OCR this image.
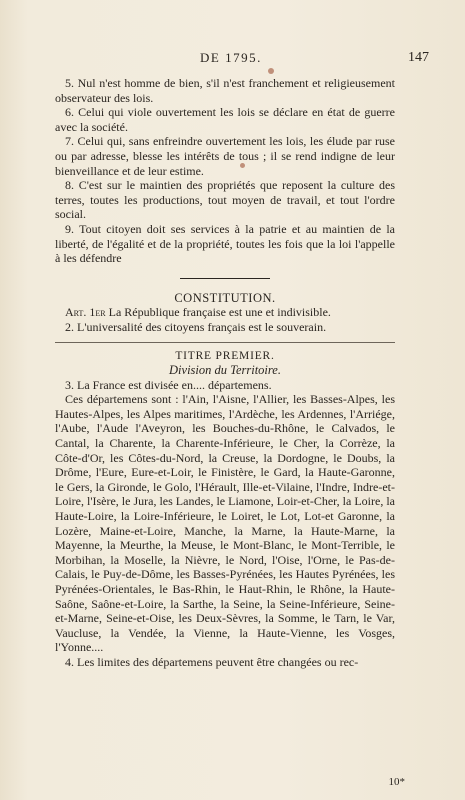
DE 1795.	147

5. Nul n'est homme de bien, s'il n'est franchement et religieusement observateur des lois.

6. Celui qui viole ouvertement les lois se déclare en état de guerre avec la société.

7. Celui qui, sans enfreindre ouvertement les lois, les élude par ruse ou par adresse, blesse les intérêts de tous ; il se rend indigne de leur bienveillance et de leur estime.

8. C'est sur le maintien des propriétés que reposent la culture des terres, toutes les productions, tout moyen de travail, et tout l'ordre social.

9. Tout citoyen doit ses services à la patrie et au maintien de la liberté, de l'égalité et de la propriété, toutes les fois que la loi l'appelle à les défendre

CONSTITUTION.

Art. 1er La République française est une et indivisible.

2. L'universalité des citoyens français est le souverain.

TITRE PREMIER.

Division du Territoire.

3. La France est divisée en.... départemens.

Ces départemens sont : l'Ain, l'Aisne, l'Allier, les Basses-Alpes, les Hautes-Alpes, les Alpes maritimes, l'Ardèche, les Ardennes, l'Arriége, l'Aube, l'Aude l'Aveyron, les Bouches-du-Rhône, le Calvados, le Cantal, la Charente, la Charente-Inférieure, le Cher, la Corrèze, la Côte-d'Or, les Côtes-du-Nord, la Creuse, la Dordogne, le Doubs, la Drôme, l'Eure, Eure-et-Loir, le Finistère, le Gard, la Haute-Garonne, le Gers, la Gironde, le Golo, l'Hérault, Ille-et-Vilaine, l'Indre, Indre-et-Loire, l'Isère, le Jura, les Landes, le Liamone, Loir-et-Cher, la Loire, la Haute-Loire, la Loire-Inférieure, le Loiret, le Lot, Lot-et Garonne, la Lozère, Maine-et-Loire, Manche, la Marne, la Haute-Marne, la Mayenne, la Meurthe, la Meuse, le Mont-Blanc, le Mont-Terrible, le Morbihan, la Moselle, la Nièvre, le Nord, l'Oise, l'Orne, le Pas-de-Calais, le Puy-de-Dôme, les Basses-Pyrénées, les Hautes Pyrénées, les Pyrénées-Orientales, le Bas-Rhin, le Haut-Rhin, le Rhône, la Haute-Saône, Saône-et-Loire, la Sarthe, la Seine, la Seine-Inférieure, Seine-et-Marne, Seine-et-Oise, les Deux-Sèvres, la Somme, le Tarn, le Var, Vaucluse, la Vendée, la Vienne, la Haute-Vienne, les Vosges, l'Yonne....

4. Les limites des départemens peuvent être changées ou rec-

10*
